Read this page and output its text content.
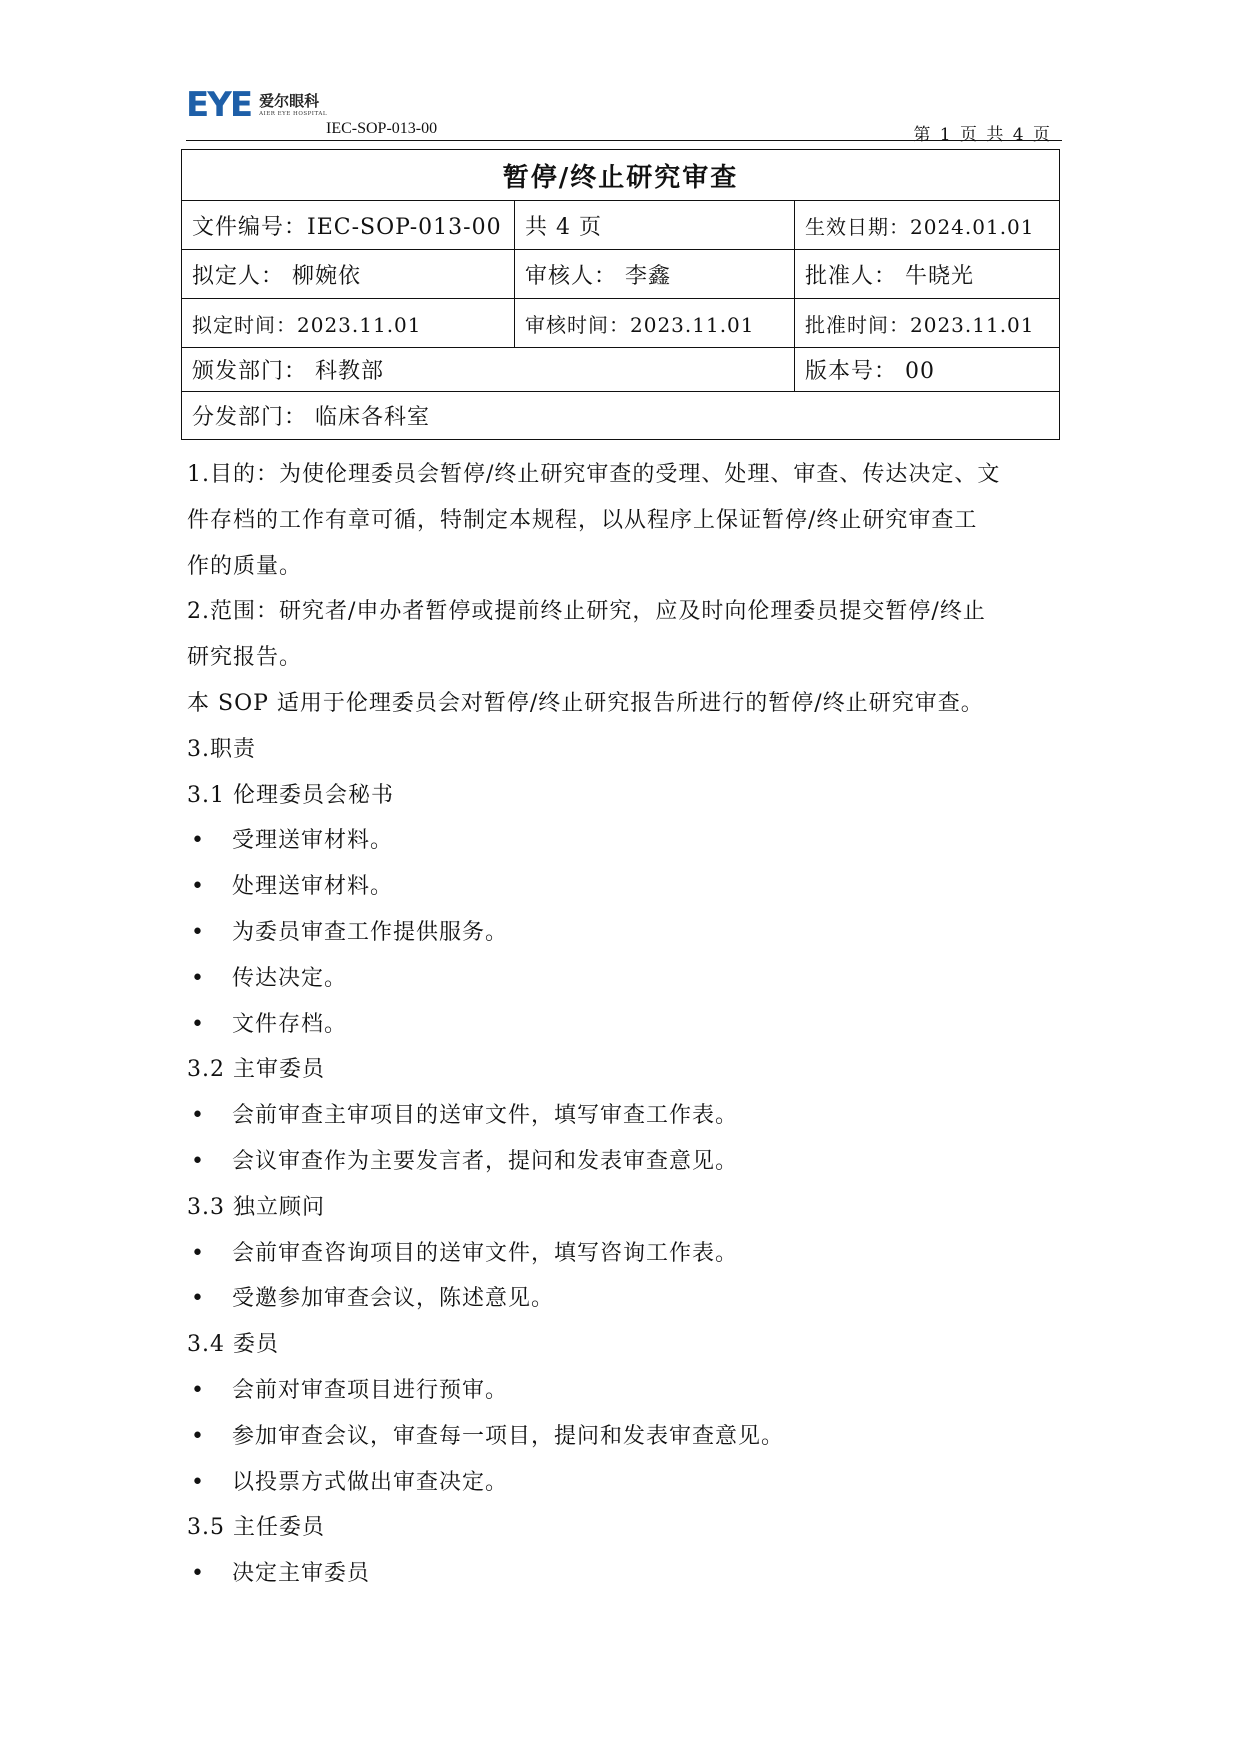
EYE 爱尔眼科
AIER EYE HOSPITAL
IEC-SOP-013-00	第 1 页 共 4 页
暂停/终止研究审查		
文件编号：IEC-SOP-013-00	共 4 页	生效日期：2024.01.01
拟定人： 柳婉依	审核人： 李鑫	批准人： 牛晓光
拟定时间：2023.11.01	审核时间：2023.11.01	批准时间：2023.11.01
颁发部门： 科教部		版本号： 00
分发部门： 临床各科室		
1.目的：为使伦理委员会暂停/终止研究审查的受理、处理、审查、传达决定、文
件存档的工作有章可循，特制定本规程，以从程序上保证暂停/终止研究审查工
作的质量。
2.范围：研究者/申办者暂停或提前终止研究，应及时向伦理委员提交暂停/终止
研究报告。
本 SOP 适用于伦理委员会对暂停/终止研究报告所进行的暂停/终止研究审查。
3.职责
3.1 伦理委员会秘书
• 受理送审材料。
• 处理送审材料。
• 为委员审查工作提供服务。
• 传达决定。
• 文件存档。
3.2 主审委员
• 会前审查主审项目的送审文件，填写审查工作表。
• 会议审查作为主要发言者，提问和发表审查意见。
3.3 独立顾问
• 会前审查咨询项目的送审文件，填写咨询工作表。
• 受邀参加审查会议，陈述意见。
3.4 委员
• 会前对审查项目进行预审。
• 参加审查会议，审查每一项目，提问和发表审查意见。
• 以投票方式做出审查决定。
3.5 主任委员
• 决定主审委员
